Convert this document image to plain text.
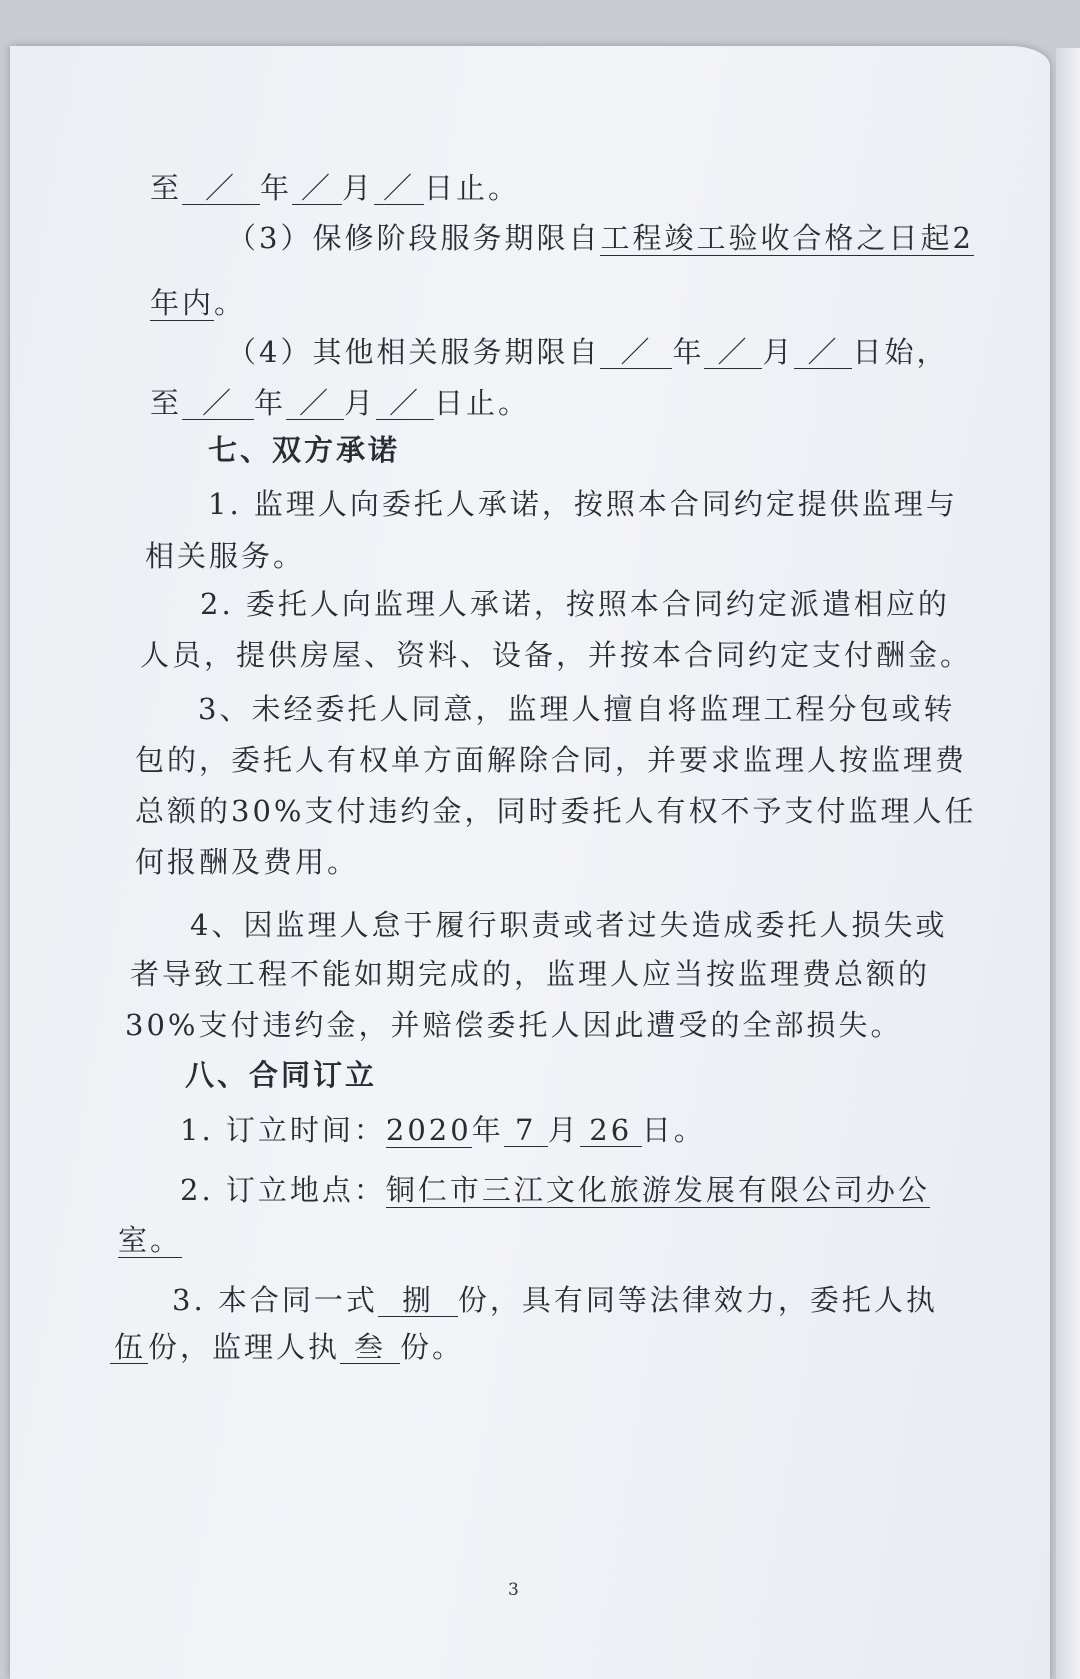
至 ／ 年 ／ 月 ／ 日止。

（3）保修阶段服务期限自工程竣工验收合格之日起2

年内。

（4）其他相关服务期限自 ／ 年 ／ 月 ／ 日始，

至 ／ 年 ／ 月 ／ 日止。

七、双方承诺

1. 监理人向委托人承诺，按照本合同约定提供监理与

相关服务。

2. 委托人向监理人承诺，按照本合同约定派遣相应的

人员，提供房屋、资料、设备，并按本合同约定支付酬金。

3、未经委托人同意，监理人擅自将监理工程分包或转

包的，委托人有权单方面解除合同，并要求监理人按监理费

总额的30%支付违约金，同时委托人有权不予支付监理人任

何报酬及费用。

4、因监理人怠于履行职责或者过失造成委托人损失或

者导致工程不能如期完成的，监理人应当按监理费总额的

30%支付违约金，并赔偿委托人因此遭受的全部损失。

八、合同订立

1. 订立时间：2020年 7 月 26 日。

2. 订立地点：铜仁市三江文化旅游发展有限公司办公

室。

3. 本合同一式 捌 份，具有同等法律效力，委托人执

伍份，监理人执 叁 份。

3
